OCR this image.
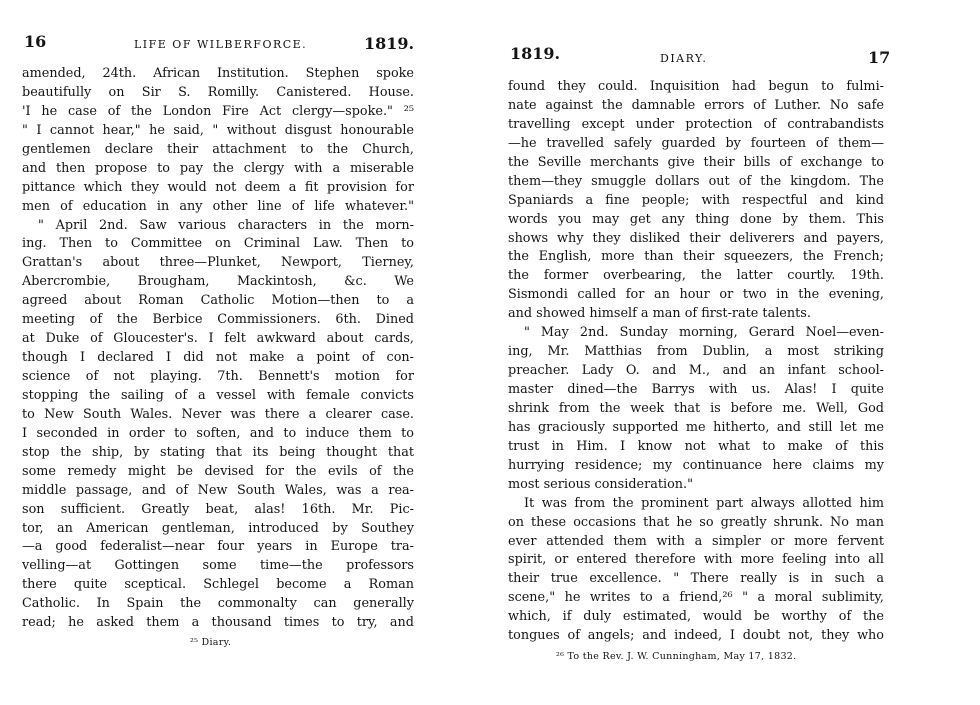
16	LIFE OF WILBERFORCE.	1819.
amended, 24th. African Institution. Stephen spoke
beautifully on Sir S. Romilly. Canistered. House.
'I he case of the London Fire Act clergy—spoke." ²⁵
" I cannot hear," he said, " without disgust honourable
gentlemen declare their attachment to the Church,
and then propose to pay the clergy with a miserable
pittance which they would not deem a fit provision for
men of education in any other line of life whatever."
" April 2nd. Saw various characters in the morn-
ing. Then to Committee on Criminal Law. Then to
Grattan's about three—Plunket, Newport, Tierney,
Abercrombie, Brougham, Mackintosh, &c. We
agreed about Roman Catholic Motion—then to a
meeting of the Berbice Commissioners. 6th. Dined
at Duke of Gloucester's. I felt awkward about cards,
though I declared I did not make a point of con-
science of not playing. 7th. Bennett's motion for
stopping the sailing of a vessel with female convicts
to New South Wales. Never was there a clearer case.
I seconded in order to soften, and to induce them to
stop the ship, by stating that its being thought that
some remedy might be devised for the evils of the
middle passage, and of New South Wales, was a rea-
son sufficient. Greatly beat, alas! 16th. Mr. Pic-
tor, an American gentleman, introduced by Southey
—a good federalist—near four years in Europe tra-
velling—at Gottingen some time—the professors
there quite sceptical. Schlegel become a Roman
Catholic. In Spain the commonalty can generally
read; he asked them a thousand times to try, and
²⁵ Diary.
1819.	DIARY.	17
found they could. Inquisition had begun to fulmi-
nate against the damnable errors of Luther. No safe
travelling except under protection of contrabandists
—he travelled safely guarded by fourteen of them—
the Seville merchants give their bills of exchange to
them—they smuggle dollars out of the kingdom. The
Spaniards a fine people; with respectful and kind
words you may get any thing done by them. This
shows why they disliked their deliverers and payers,
the English, more than their squeezers, the French;
the former overbearing, the latter courtly. 19th.
Sismondi called for an hour or two in the evening,
and showed himself a man of first-rate talents.
" May 2nd. Sunday morning, Gerard Noel—even-
ing, Mr. Matthias from Dublin, a most striking
preacher. Lady O. and M., and an infant school-
master dined—the Barrys with us. Alas! I quite
shrink from the week that is before me. Well, God
has graciously supported me hitherto, and still let me
trust in Him. I know not what to make of this
hurrying residence; my continuance here claims my
most serious consideration."
It was from the prominent part always allotted him
on these occasions that he so greatly shrunk. No man
ever attended them with a simpler or more fervent
spirit, or entered therefore with more feeling into all
their true excellence. " There really is in such a
scene," he writes to a friend,²⁶ " a moral sublimity,
which, if duly estimated, would be worthy of the
tongues of angels; and indeed, I doubt not, they who
²⁶ To the Rev. J. W. Cunningham, May 17, 1832.
